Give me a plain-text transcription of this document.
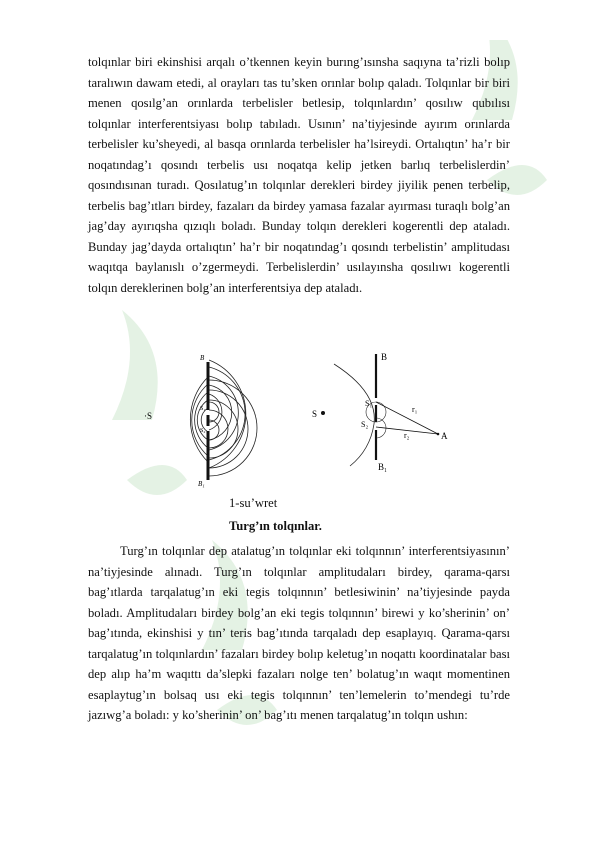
tolqınlar biri ekinshisi arqalı o’tkennen keyin burıng’ısınsha saqıyna ta’rizli bolıp taralıwın dawam etedi, al orayları tas tu’sken orınlar bolıp qaladı. Tolqınlar bir biri menen qosılg’an orınlarda terbelisler betlesip, tolqınlardın’ qosılıw qubılısı tolqınlar interferentsiyası bolıp tabıladı. Usının’ na’tiyjesinde ayırım orınlarda terbelisler ku’sheyedi, al basqa orınlarda terbelisler ha’lsireydi. Ortalıqtın’ ha’r bir noqatındag’ı qosındı terbelis usı noqatqa kelip jetken barlıq terbelislerdin’ qosındısınan turadı. Qosılatug’ın tolqınlar derekleri birdey jiyilik penen terbelip, terbelis bag’ıtları birdey, fazaları da birdey yamasa fazalar ayırması turaqlı bolg’an jag’day ayırıqsha qızıqlı boladı. Bunday tolqın derekleri kogerentli dep ataladı. Bunday jag’dayda ortalıqtın’ ha’r bir noqatındag’ı qosındı terbelistin’ amplitudası waqıtqa baylanıslı o’zgermeydi. Terbelislerdin’ usılayınsha qosılıwı kogerentli tolqın dereklerinen bolg’an interferentsiya dep ataladı.

·S
B
B₁
S₁
S₂
S
B
B₁
S₁
S₂
r₁
r₂	A
1-su’wret
Turg’ın tolqınlar.

Turg’ın tolqınlar dep atalatug’ın tolqınlar eki tolqınnın’ interferentsiyasının’ na’tiyjesinde alınadı. Turg’ın tolqınlar amplitudaları birdey, qarama-qarsı bag’ıtlarda tarqalatug’ın eki tegis tolqınnın’ betlesiwinin’ na’tiyjesinde payda boladı. Amplitudaları birdey bolg’an eki tegis tolqınnın’ birewi y ko’sherinin’ on’ bag’ıtında, ekinshisi y tın’ teris bag’ıtında tarqaladı dep esaplayıq. Qarama-qarsı tarqalatug’ın tolqınlardın’ fazaları birdey bolıp keletug’ın noqattı koordinatalar bası dep alıp ha’m waqıttı da’slepki fazaları nolge ten’ bolatug’ın waqıt momentinen esaplaytug’ın bolsaq usı eki tegis tolqınnın’ ten’lemelerin to’mendegi tu’rde jazıwg’a boladı: y ko’sherinin’ on’ bag’ıtı menen tarqalatug’ın tolqın ushın:
